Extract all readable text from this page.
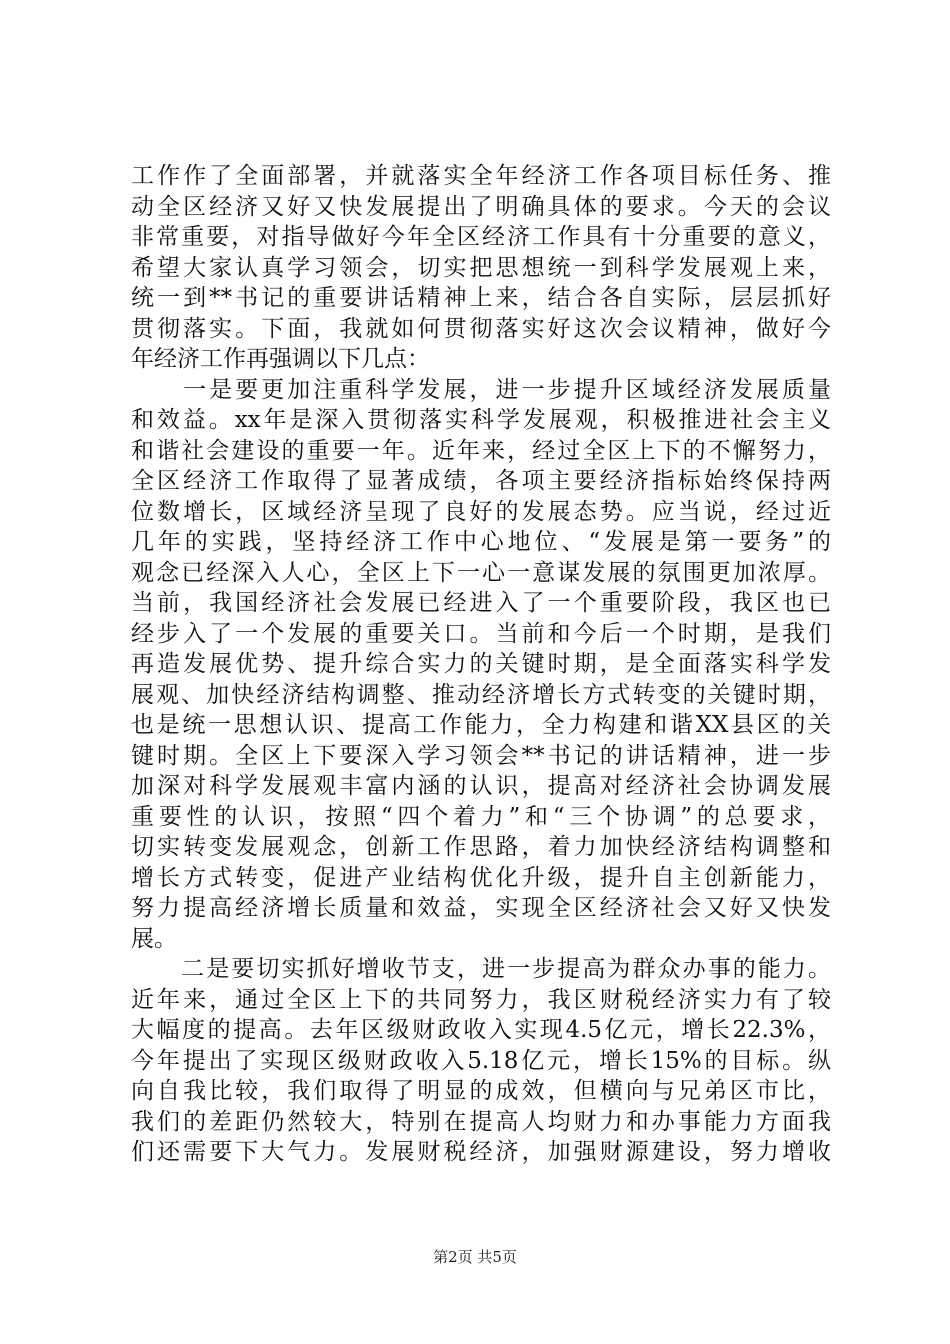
工作作了全面部署，并就落实全年经济工作各项目标任务、推
动全区经济又好又快发展提出了明确具体的要求。今天的会议
非常重要，对指导做好今年全区经济工作具有十分重要的意义，
希望大家认真学习领会，切实把思想统一到科学发展观上来，
统一到**书记的重要讲话精神上来，结合各自实际，层层抓好
贯彻落实。下面，我就如何贯彻落实好这次会议精神，做好今
年经济工作再强调以下几点：
　　一是要更加注重科学发展，进一步提升区域经济发展质量
和效益。xx年是深入贯彻落实科学发展观，积极推进社会主义
和谐社会建设的重要一年。近年来，经过全区上下的不懈努力，
全区经济工作取得了显著成绩，各项主要经济指标始终保持两
位数增长，区域经济呈现了良好的发展态势。应当说，经过近
几年的实践，坚持经济工作中心地位、“发展是第一要务”的
观念已经深入人心，全区上下一心一意谋发展的氛围更加浓厚。
当前，我国经济社会发展已经进入了一个重要阶段，我区也已
经步入了一个发展的重要关口。当前和今后一个时期，是我们
再造发展优势、提升综合实力的关键时期，是全面落实科学发
展观、加快经济结构调整、推动经济增长方式转变的关键时期，
也是统一思想认识、提高工作能力，全力构建和谐XX县区的关
键时期。全区上下要深入学习领会**书记的讲话精神，进一步
加深对科学发展观丰富内涵的认识，提高对经济社会协调发展
重要性的认识，按照“四个着力”和“三个协调”的总要求，
切实转变发展观念，创新工作思路，着力加快经济结构调整和
增长方式转变，促进产业结构优化升级，提升自主创新能力，
努力提高经济增长质量和效益，实现全区经济社会又好又快发
展。
　　二是要切实抓好增收节支，进一步提高为群众办事的能力。
近年来，通过全区上下的共同努力，我区财税经济实力有了较
大幅度的提高。去年区级财政收入实现4.5亿元，增长22.3%，
今年提出了实现区级财政收入5.18亿元，增长15%的目标。纵
向自我比较，我们取得了明显的成效，但横向与兄弟区市比，
我们的差距仍然较大，特别在提高人均财力和办事能力方面我
们还需要下大气力。发展财税经济，加强财源建设，努力增收
第2页 共5页
